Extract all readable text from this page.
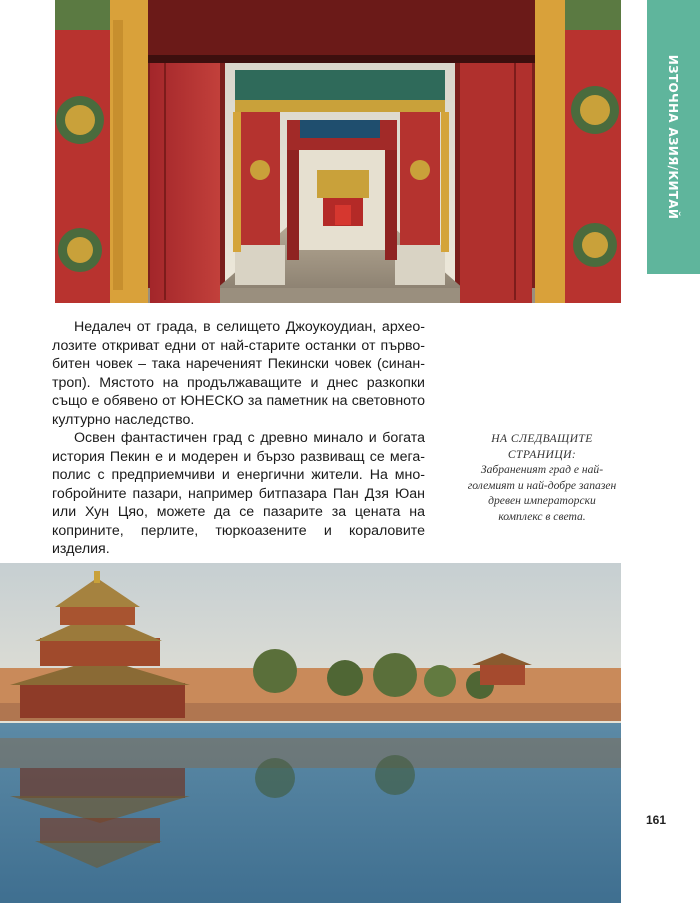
ИЗТОЧНА АЗИЯ/КИТАЙ

Недалеч от града, в селището Джоукоудиан, археолозите откриват едни от най-старите останки от първобитен човек – така нареченият Пекински човек (синантроп). Мястото на продължаващите и днес разкопки също е обявено от ЮНЕСКО за паметник на световното културно наследство.

Освен фантастичен град с древно минало и богата история Пекин е и модерен и бързо развиващ се мегаполис с предприемчиви и енергични жители. На многобройните пазари, например битпазара Пан Дзя Юан или Хун Цяо, можете да се пазарите за цената на коприните, перлите, тюркоазените и кораловите изделия.

НА СЛЕДВАЩИТЕ СТРАНИЦИ:
Забраненият град е най-големият и най-добре запазен древен императорски комплекс в света.
161
